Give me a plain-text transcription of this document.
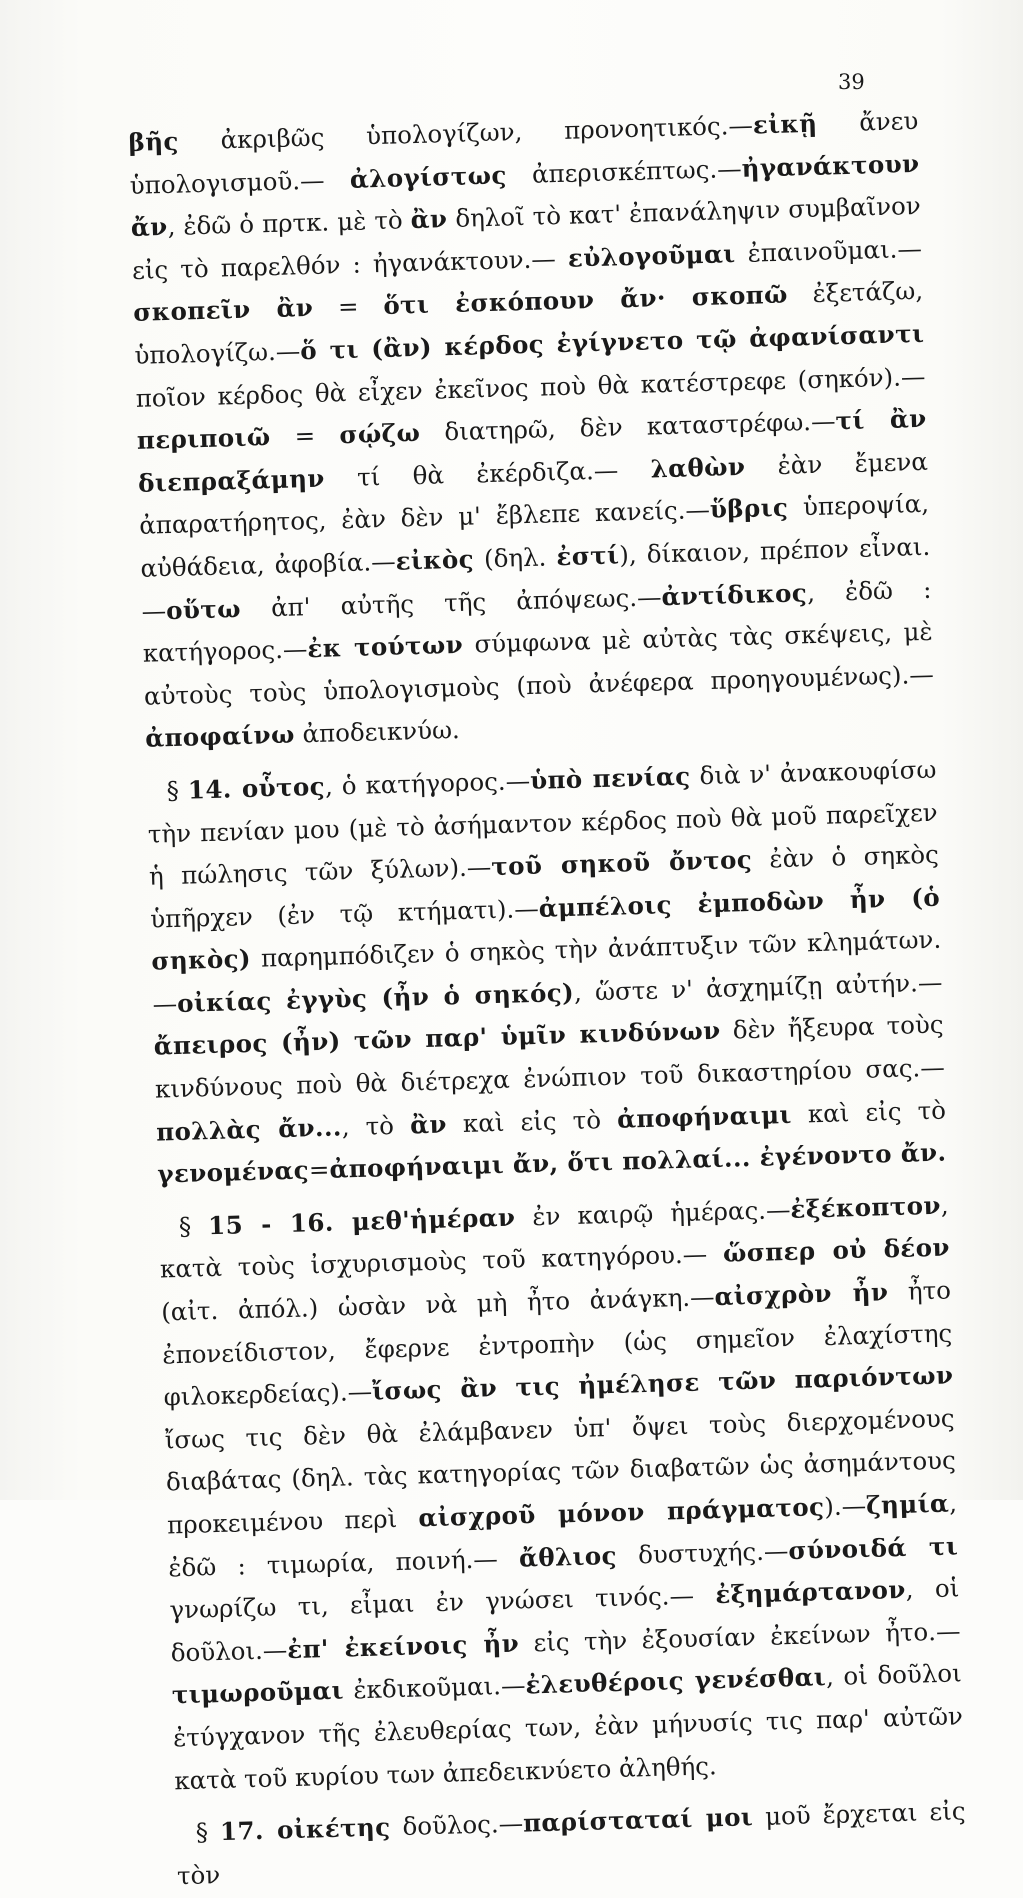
39

βῆς ἀκριβῶς ὑπολογίζων, προνοητικός.—εἰκῇ ἄνευ ὑπολογισμοῦ.— ἀλογίστως ἀπερισκέπτως.—ἠγανάκτουν ἄν, ἐδῶ ὁ πρτκ. μὲ τὸ ἂν δηλοῖ τὸ κατ' ἐπανάληψιν συμβαῖνον εἰς τὸ παρελθόν : ἠγανάκτουν.— εὐλογοῦμαι ἐπαινοῦμαι.—σκοπεῖν ἂν = ὅτι ἐσκόπουν ἄν· σκοπῶ ἐξετάζω, ὑπολογίζω.—ὅ τι (ἂν) κέρδος ἐγίγνετο τῷ ἀφανίσαντι ποῖον κέρδος θὰ εἶχεν ἐκεῖνος ποὺ θὰ κατέστρεφε (σηκόν).—περιποιῶ = σῴζω διατηρῶ, δὲν καταστρέφω.—τί ἂν διεπραξάμην τί θὰ ἐκέρδιζα.— λαθὼν ἐὰν ἔμενα ἀπαρατήρητος, ἐὰν δὲν μ' ἔβλεπε κανείς.—ὕβρις ὑπεροψία, αὐθάδεια, ἀφοβία.—εἰκὸς (δηλ. ἐστί), δίκαιον, πρέπον εἶναι.—οὕτω ἀπ' αὐτῆς τῆς ἀπόψεως.—ἀντίδικος, ἐδῶ : κατήγορος.—ἐκ τούτων σύμφωνα μὲ αὐτὰς τὰς σκέψεις, μὲ αὐτοὺς τοὺς ὑπολογισμοὺς (ποὺ ἀνέφερα προηγουμένως).—ἀποφαίνω ἀποδεικνύω.

§ 14. οὗτος, ὁ κατήγορος.—ὑπὸ πενίας διὰ ν' ἀνακουφίσω τὴν πενίαν μου (μὲ τὸ ἀσήμαντον κέρδος ποὺ θὰ μοῦ παρεῖχεν ἡ πώλησις τῶν ξύλων).—τοῦ σηκοῦ ὄντος ἐὰν ὁ σηκὸς ὑπῆρχεν (ἐν τῷ κτήματι).—ἀμπέλοις ἐμποδὼν ἦν (ὁ σηκὸς) παρημπόδιζεν ὁ σηκὸς τὴν ἀνάπτυξιν τῶν κλημάτων.—οἰκίας ἐγγὺς (ἦν ὁ σηκός), ὥστε ν' ἀσχημίζῃ αὐτήν.—ἄπειρος (ἦν) τῶν παρ' ὑμῖν κινδύνων δὲν ἤξευρα τοὺς κινδύνους ποὺ θὰ διέτρεχα ἐνώπιον τοῦ δικαστηρίου σας.— πολλὰς ἄν..., τὸ ἂν καὶ εἰς τὸ ἀποφήναιμι καὶ εἰς τὸ γενομένας=ἀποφήναιμι ἄν, ὅτι πολλαί... ἐγένοντο ἄν.

§ 15 - 16. μεθ'ἡμέραν ἐν καιρῷ ἡμέρας.—ἐξέκοπτον, κατὰ τοὺς ἰσχυρισμοὺς τοῦ κατηγόρου.— ὥσπερ οὐ δέον (αἰτ. ἀπόλ.) ὡσὰν νὰ μὴ ἦτο ἀνάγκη.—αἰσχρὸν ἦν ἦτο ἐπονείδιστον, ἔφερνε ἐντροπὴν (ὡς σημεῖον ἐλαχίστης φιλοκερδείας).—ἴσως ἂν τις ἠμέλησε τῶν παριόντων ἴσως τις δὲν θὰ ἐλάμβανεν ὑπ' ὄψει τοὺς διερχομένους διαβάτας (δηλ. τὰς κατηγορίας τῶν διαβατῶν ὡς ἀσημάντους προκειμένου περὶ αἰσχροῦ μόνον πράγματος).—ζημία, ἐδῶ : τιμωρία, ποινή.— ἄθλιος δυστυχής.—σύνοιδά τι γνωρίζω τι, εἶμαι ἐν γνώσει τινός.— ἐξημάρτανον, οἱ δοῦλοι.—ἐπ' ἐκείνοις ἦν εἰς τὴν ἐξουσίαν ἐκείνων ἦτο.—τιμωροῦμαι ἐκδικοῦμαι.—ἐλευθέροις γενέσθαι, οἱ δοῦλοι ἐτύγχανον τῆς ἐλευθερίας των, ἐὰν μήνυσίς τις παρ' αὐτῶν κατὰ τοῦ κυρίου των ἀπεδεικνύετο ἀληθής.

§ 17. οἰκέτης δοῦλος.—παρίσταταί μοι μοῦ ἔρχεται εἰς τὸν
